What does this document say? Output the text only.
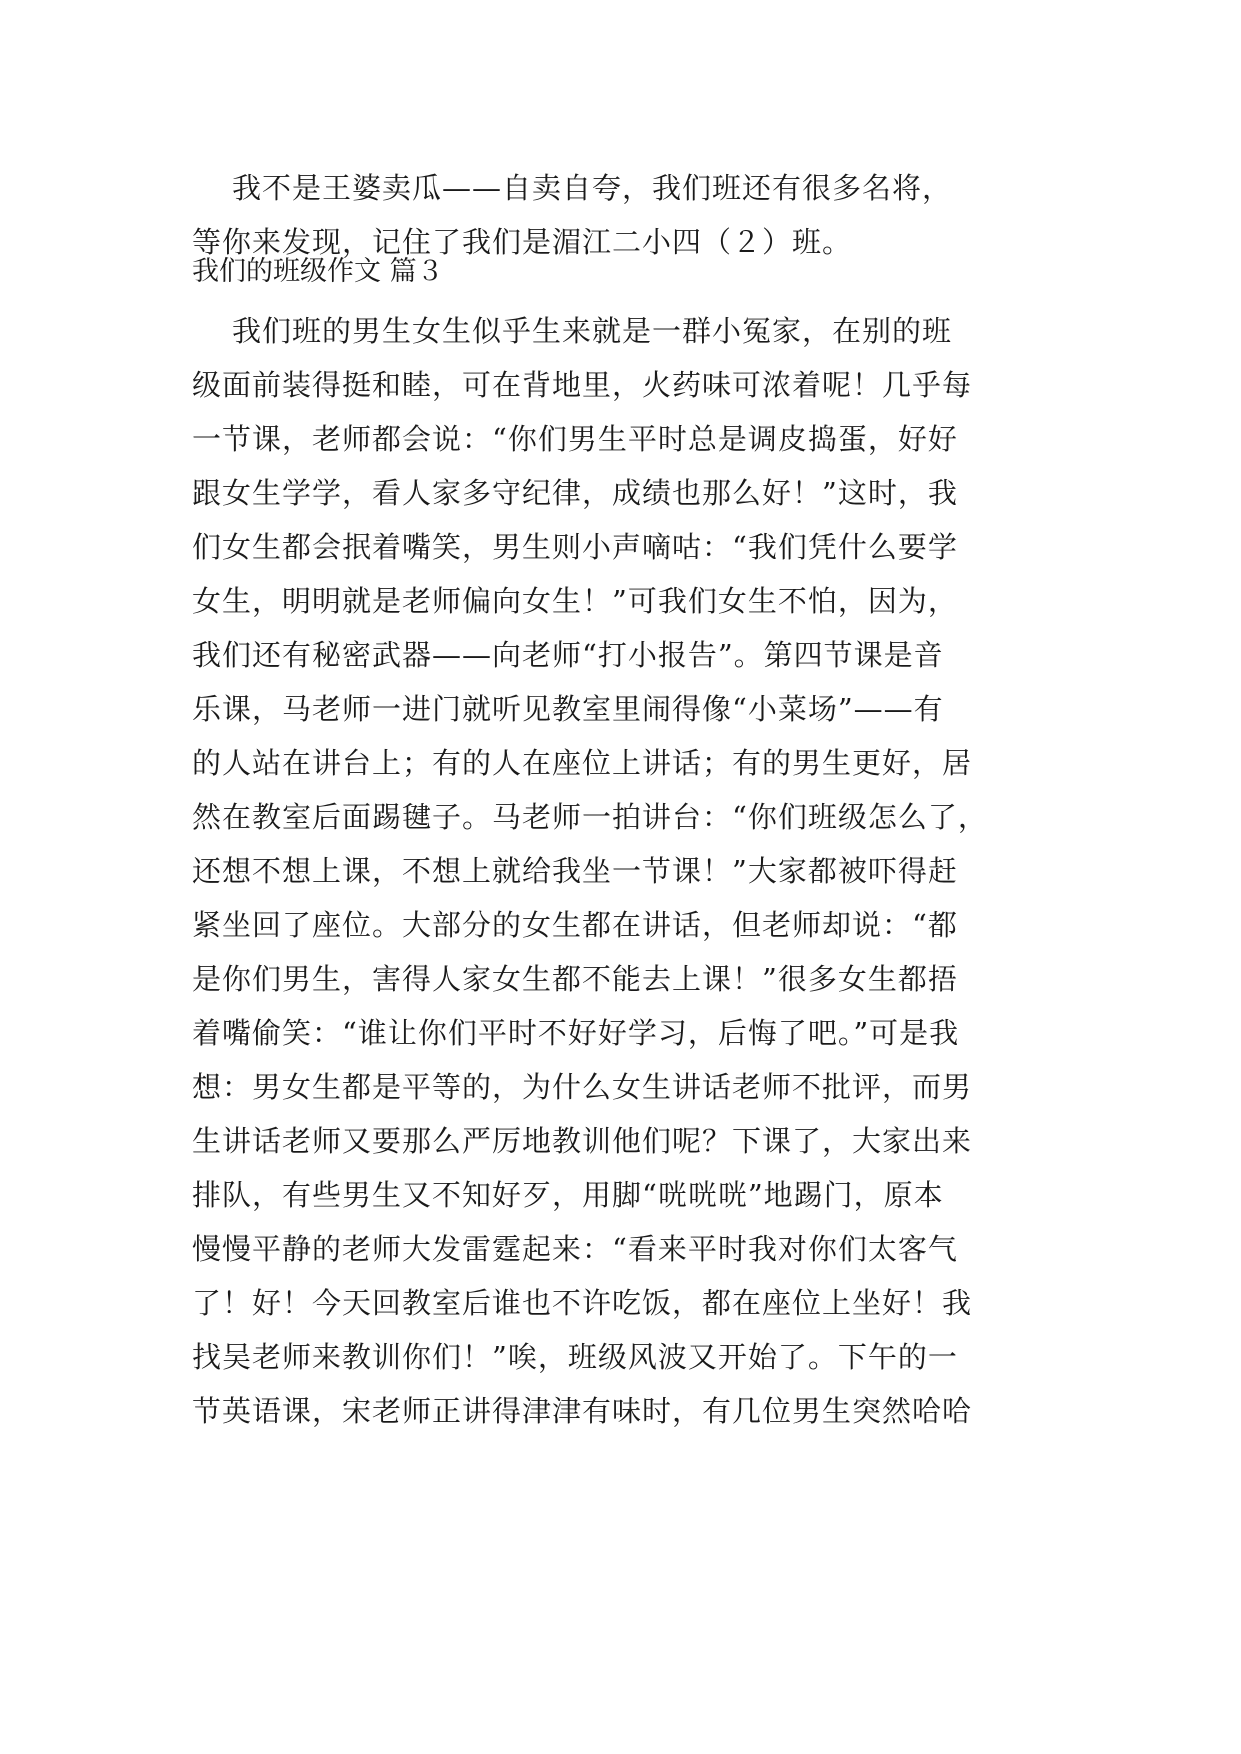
我不是王婆卖瓜——自卖自夸，我们班还有很多名将，

等你来发现，记住了我们是湄江二小四（２）班。

我们的班级作文 篇３

我们班的男生女生似乎生来就是一群小冤家，在别的班

级面前装得挺和睦，可在背地里，火药味可浓着呢！几乎每

一节课，老师都会说：“你们男生平时总是调皮捣蛋，好好

跟女生学学，看人家多守纪律，成绩也那么好！”这时，我

们女生都会抿着嘴笑，男生则小声嘀咕：“我们凭什么要学

女生，明明就是老师偏向女生！”可我们女生不怕，因为，

我们还有秘密武器——向老师“打小报告”。第四节课是音

乐课，马老师一进门就听见教室里闹得像“小菜场”——有

的人站在讲台上；有的人在座位上讲话；有的男生更好，居

然在教室后面踢毽子。马老师一拍讲台：“你们班级怎么了，

还想不想上课，不想上就给我坐一节课！”大家都被吓得赶

紧坐回了座位。大部分的女生都在讲话，但老师却说：“都

是你们男生，害得人家女生都不能去上课！”很多女生都捂

着嘴偷笑：“谁让你们平时不好好学习，后悔了吧。”可是我

想：男女生都是平等的，为什么女生讲话老师不批评，而男

生讲话老师又要那么严厉地教训他们呢？下课了，大家出来

排队，有些男生又不知好歹，用脚“咣咣咣”地踢门，原本

慢慢平静的老师大发雷霆起来：“看来平时我对你们太客气

了！好！今天回教室后谁也不许吃饭，都在座位上坐好！我

找吴老师来教训你们！”唉，班级风波又开始了。下午的一

节英语课，宋老师正讲得津津有味时，有几位男生突然哈哈
